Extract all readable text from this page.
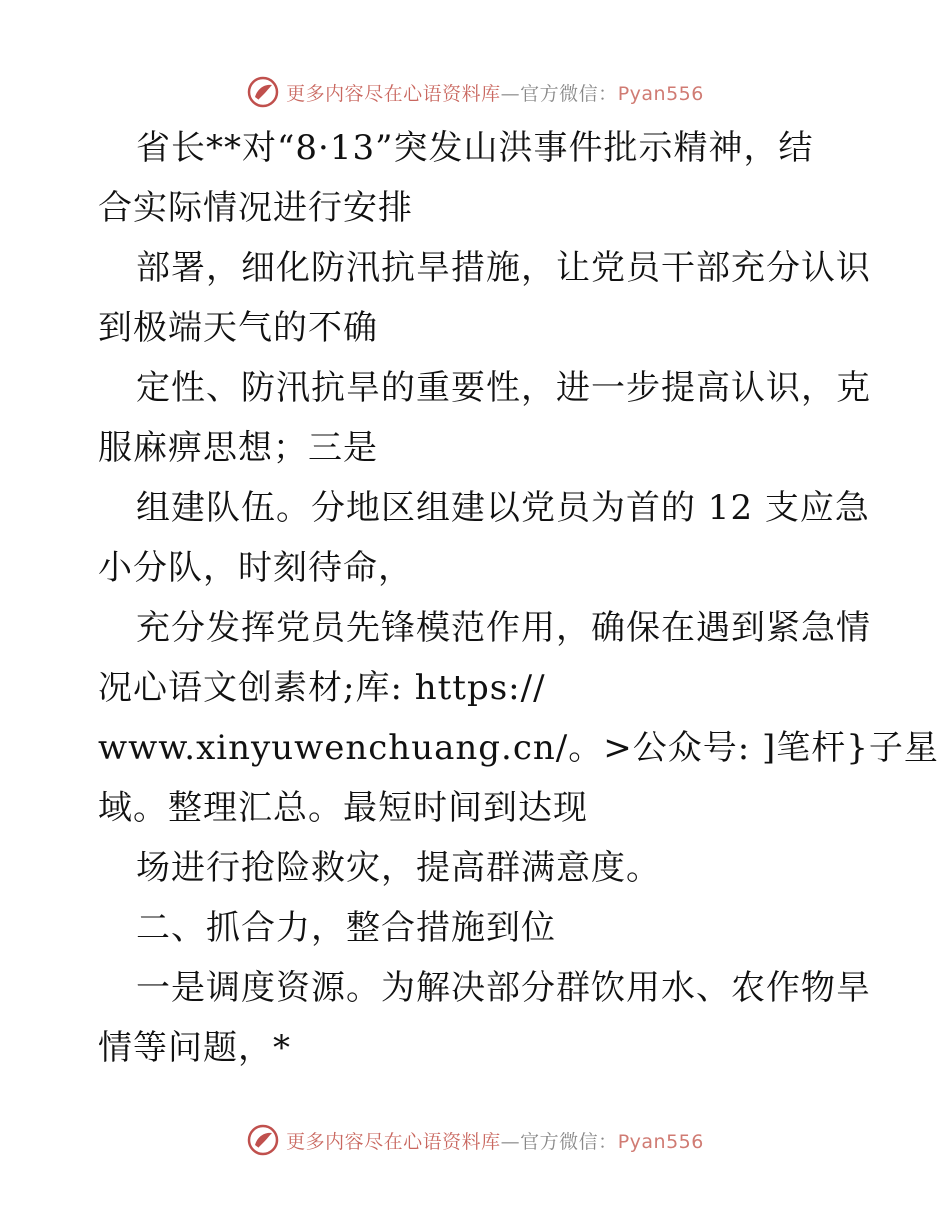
更多内容尽在心语资料库—官方微信：Pyan556
省长**对“8·13”突发山洪事件批示精神，结
合实际情况进行安排
部署，细化防汛抗旱措施，让党员干部充分认识
到极端天气的不确
定性、防汛抗旱的重要性，进一步提高认识，克
服麻痹思想；三是
组建队伍。分地区组建以党员为首的 12 支应急
小分队，时刻待命，
充分发挥党员先锋模范作用，确保在遇到紧急情
况心语文创素材;库: https://
www.xinyuwenchuang.cn/。>公众号: ]笔杆}子星
域。整理汇总。最短时间到达现
场进行抢险救灾，提高群满意度。
二、抓合力，整合措施到位
一是调度资源。为解决部分群饮用水、农作物旱
情等问题，*
更多内容尽在心语资料库—官方微信：Pyan556
